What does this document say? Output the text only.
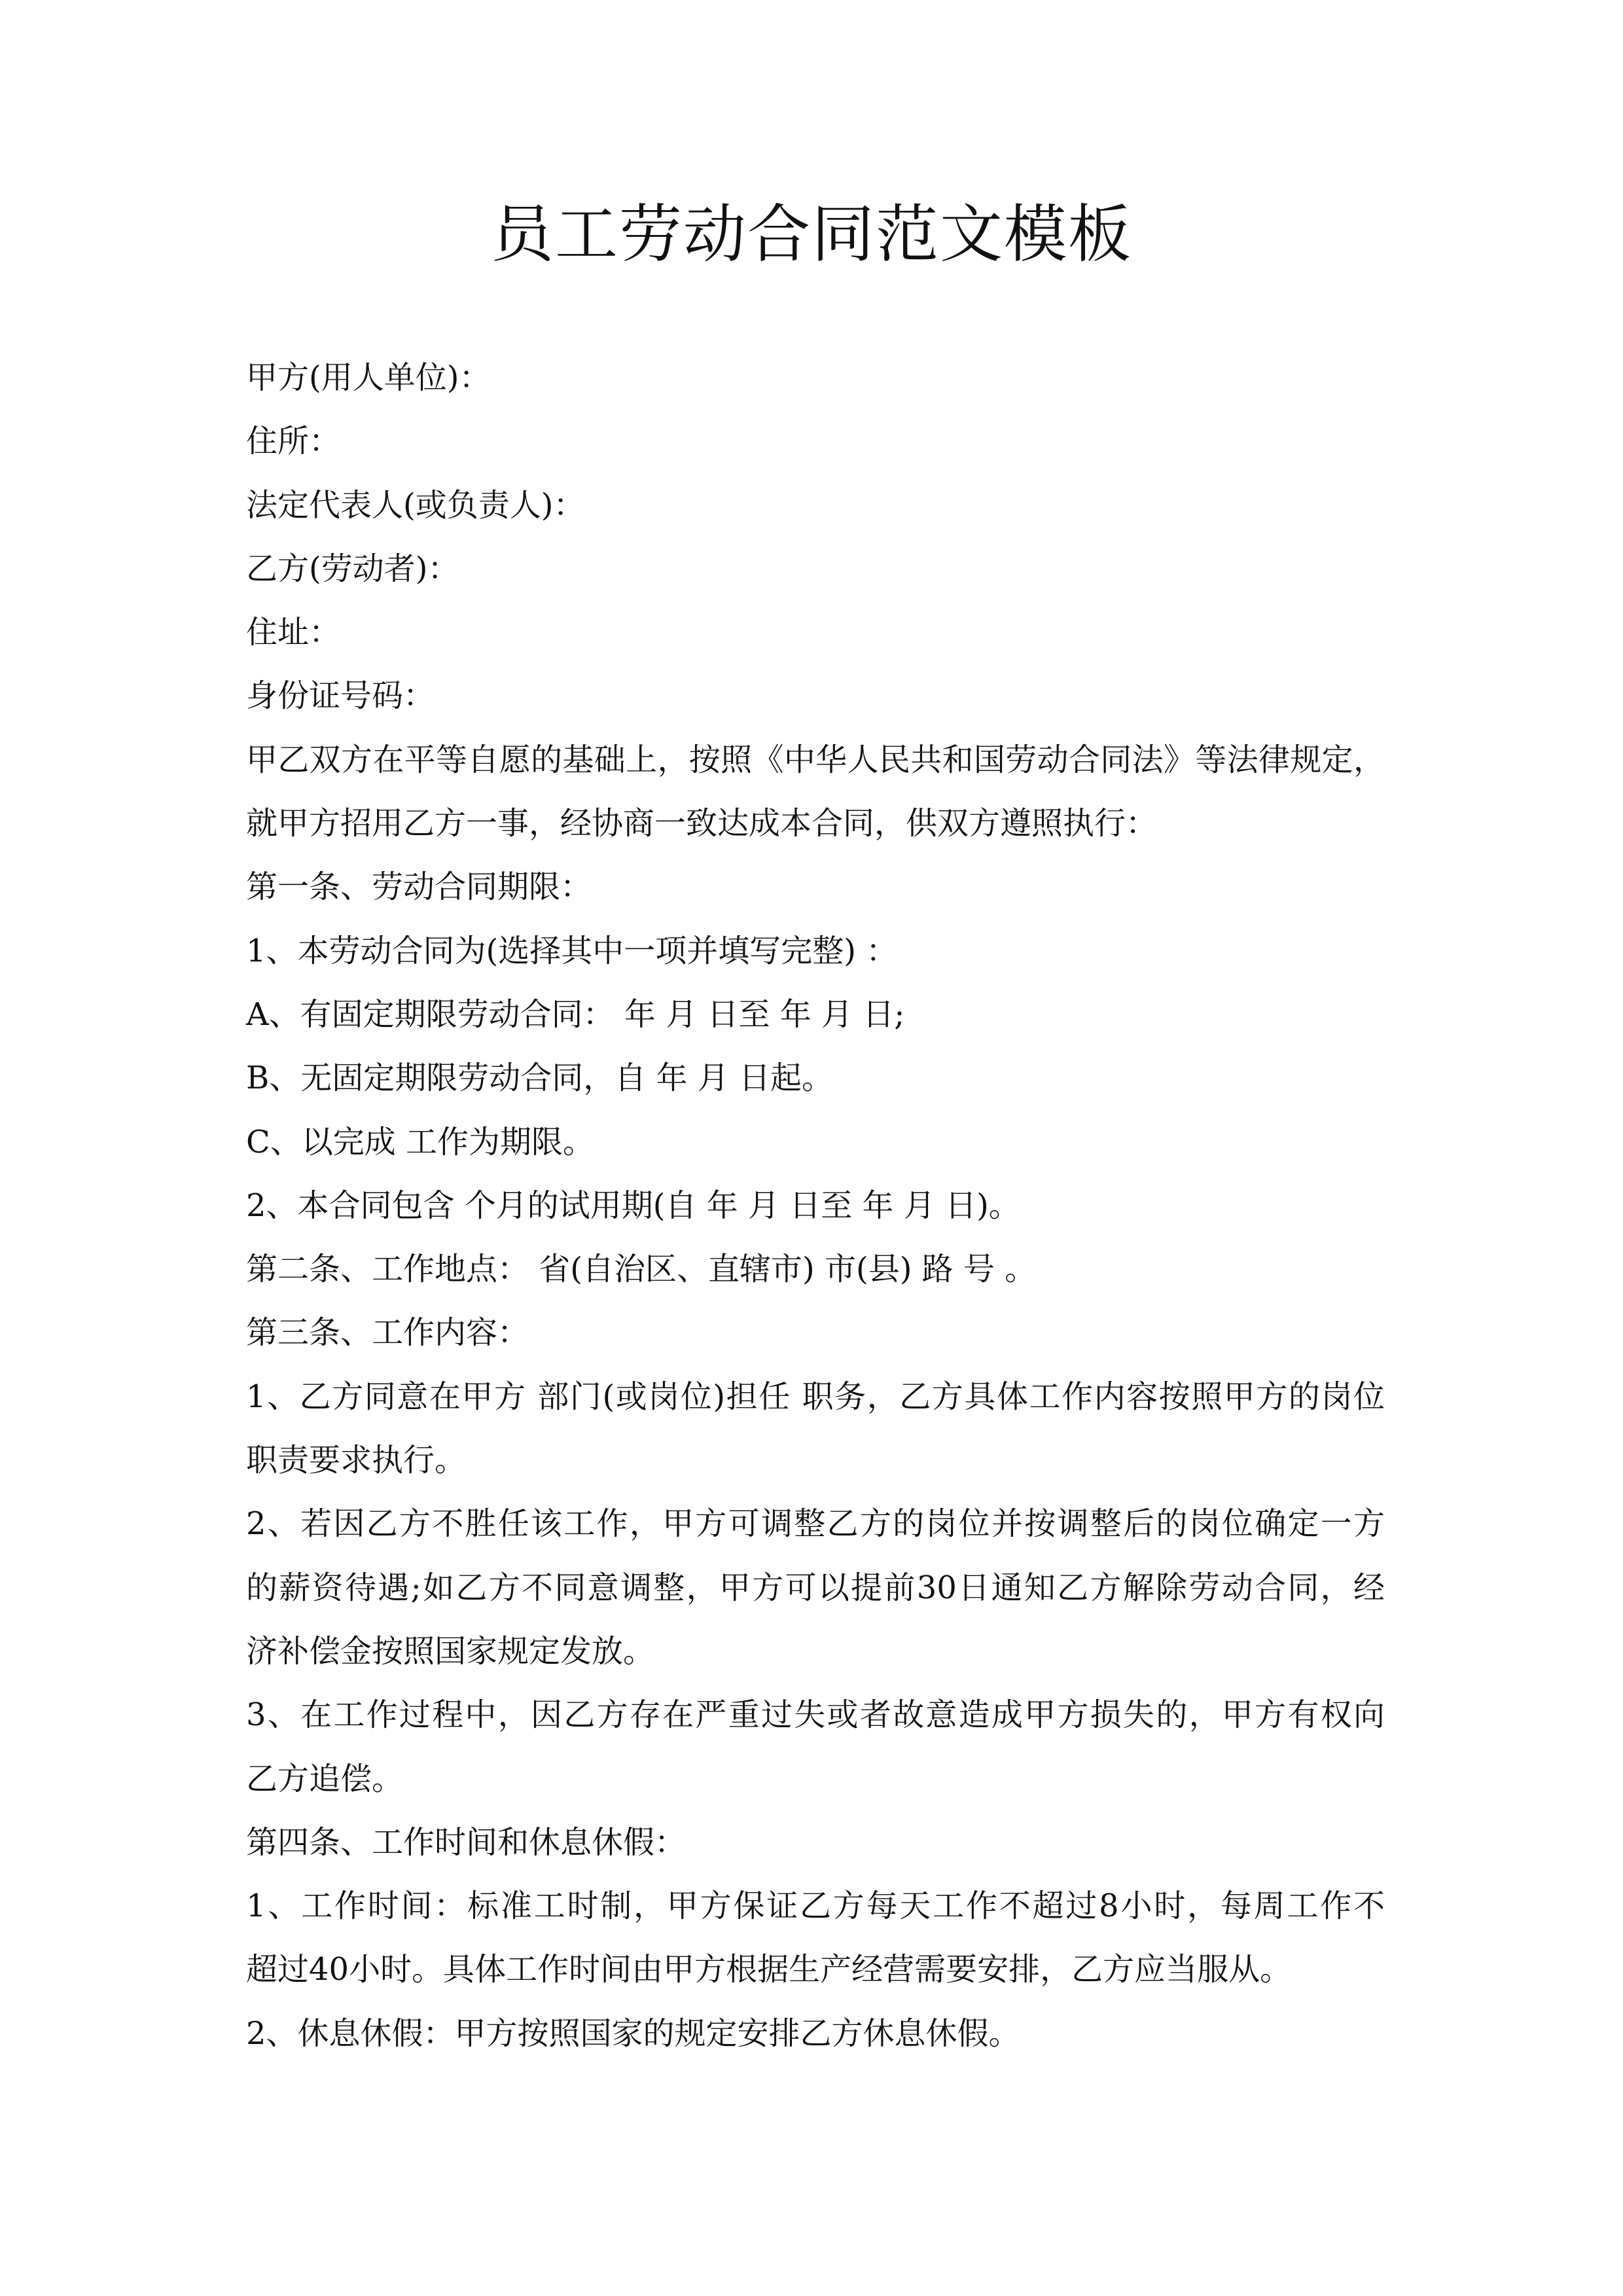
员工劳动合同范文模板
甲方(用人单位)：
住所：
法定代表人(或负责人)：
乙方(劳动者)：
住址：
身份证号码：
甲乙双方在平等自愿的基础上，按照《中华人民共和国劳动合同法》等法律规定，
就甲方招用乙方一事，经协商一致达成本合同，供双方遵照执行：
第一条、劳动合同期限：
1、本劳动合同为(选择其中一项并填写完整) ：
A、有固定期限劳动合同： 年 月 日至 年 月 日;
B、无固定期限劳动合同，自 年 月 日起。
C、以完成 工作为期限。
2、本合同包含 个月的试用期(自 年 月 日至 年 月 日)。
第二条、工作地点： 省(自治区、直辖市) 市(县) 路 号 。
第三条、工作内容：
1、乙方同意在甲方 部门(或岗位)担任 职务，乙方具体工作内容按照甲方的岗位
职责要求执行。
2、若因乙方不胜任该工作，甲方可调整乙方的岗位并按调整后的岗位确定一方
的薪资待遇;如乙方不同意调整，甲方可以提前30日通知乙方解除劳动合同，经
济补偿金按照国家规定发放。
3、在工作过程中，因乙方存在严重过失或者故意造成甲方损失的，甲方有权向
乙方追偿。
第四条、工作时间和休息休假：
1、工作时间：标准工时制，甲方保证乙方每天工作不超过8小时，每周工作不
超过40小时。具体工作时间由甲方根据生产经营需要安排，乙方应当服从。
2、休息休假：甲方按照国家的规定安排乙方休息休假。
